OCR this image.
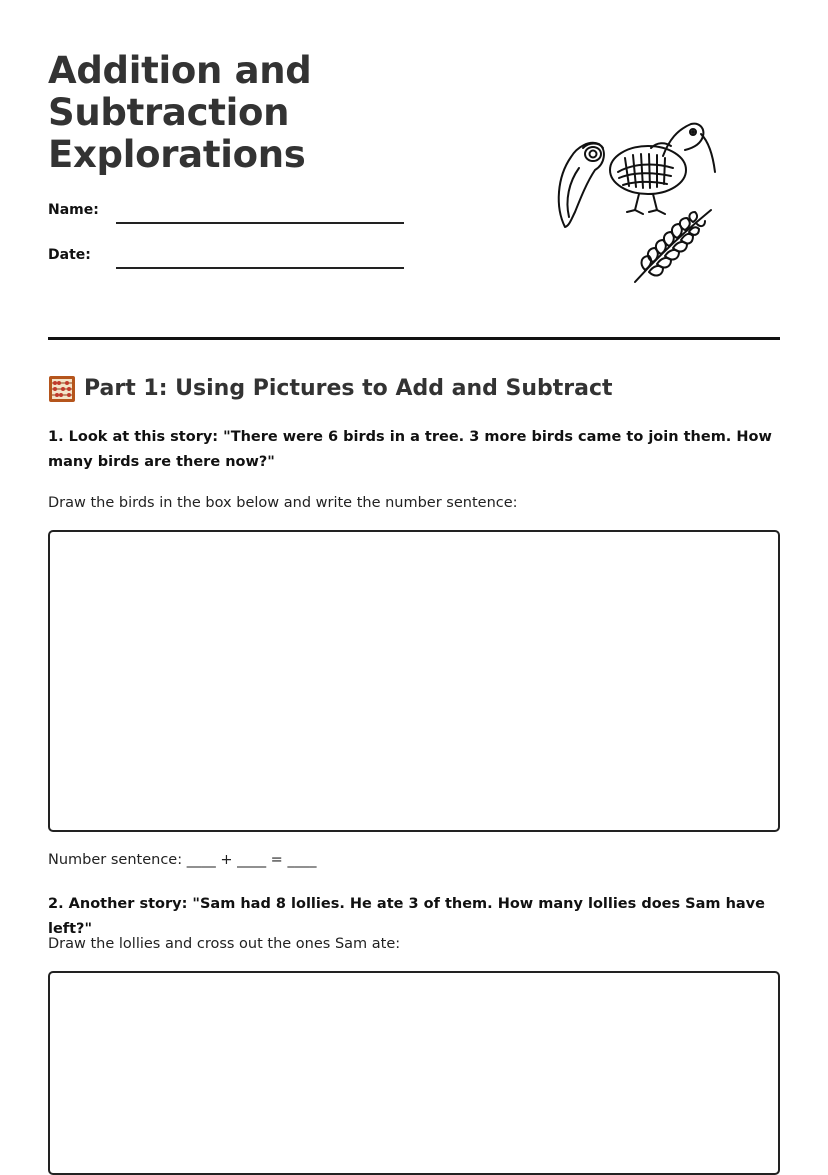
Addition and
Subtraction
Explorations
Name:
Date:
Part 1: Using Pictures to Add and Subtract

1. Look at this story: "There were 6 birds in a tree. 3 more birds came to join them. How many birds are there now?"

Draw the birds in the box below and write the number sentence:

Number sentence: ____ + ____ = ____

2. Another story: "Sam had 8 lollies. He ate 3 of them. How many lollies does Sam have left?"

Draw the lollies and cross out the ones Sam ate:
